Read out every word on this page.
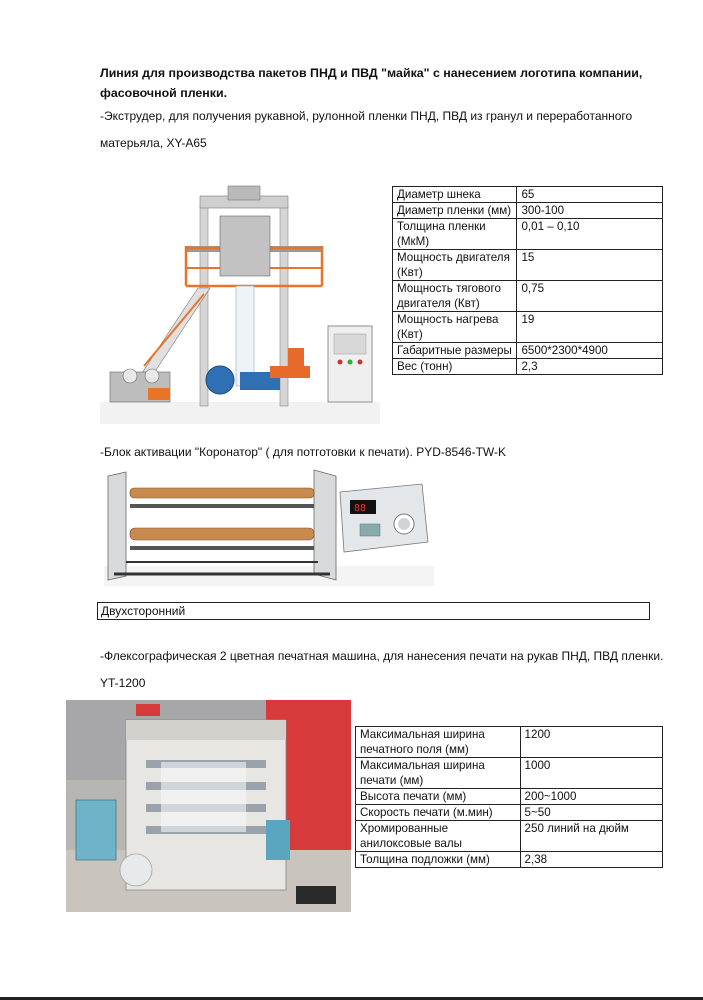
Линия для производства пакетов ПНД и ПВД "майка" с нанесением логотипа компании, фасовочной пленки.
-Экструдер, для получения рукавной, рулонной пленки ПНД, ПВД из гранул и переработанного
матерьяла, XY-A65
Диаметр шнека	65
Диаметр пленки (мм)	300-100
Толщина пленки (МкМ)	0,01 – 0,10
Мощность двигателя (Квт)	15
Мощность тягового двигателя (Квт)	0,75
Мощность нагрева (Квт)	19
Габаритные размеры	6500*2300*4900
Вес (тонн)	2,3
-Блок активации "Коронатор" ( для потготовки к печати). PYD-8546-TW-K
88
Двухсторонний
-Флексографическая 2 цветная печатная машина, для нанесения печати на рукав ПНД, ПВД пленки.
YT-1200
Максимальная ширина печатного поля (мм)	1200
Максимальная ширина печати (мм)	1000
Высота печати (мм)	200~1000
Скорость печати (м.мин)	5~50
Хромированные анилоксовые валы	250 линий на дюйм
Толщина подложки (мм)	2,38
